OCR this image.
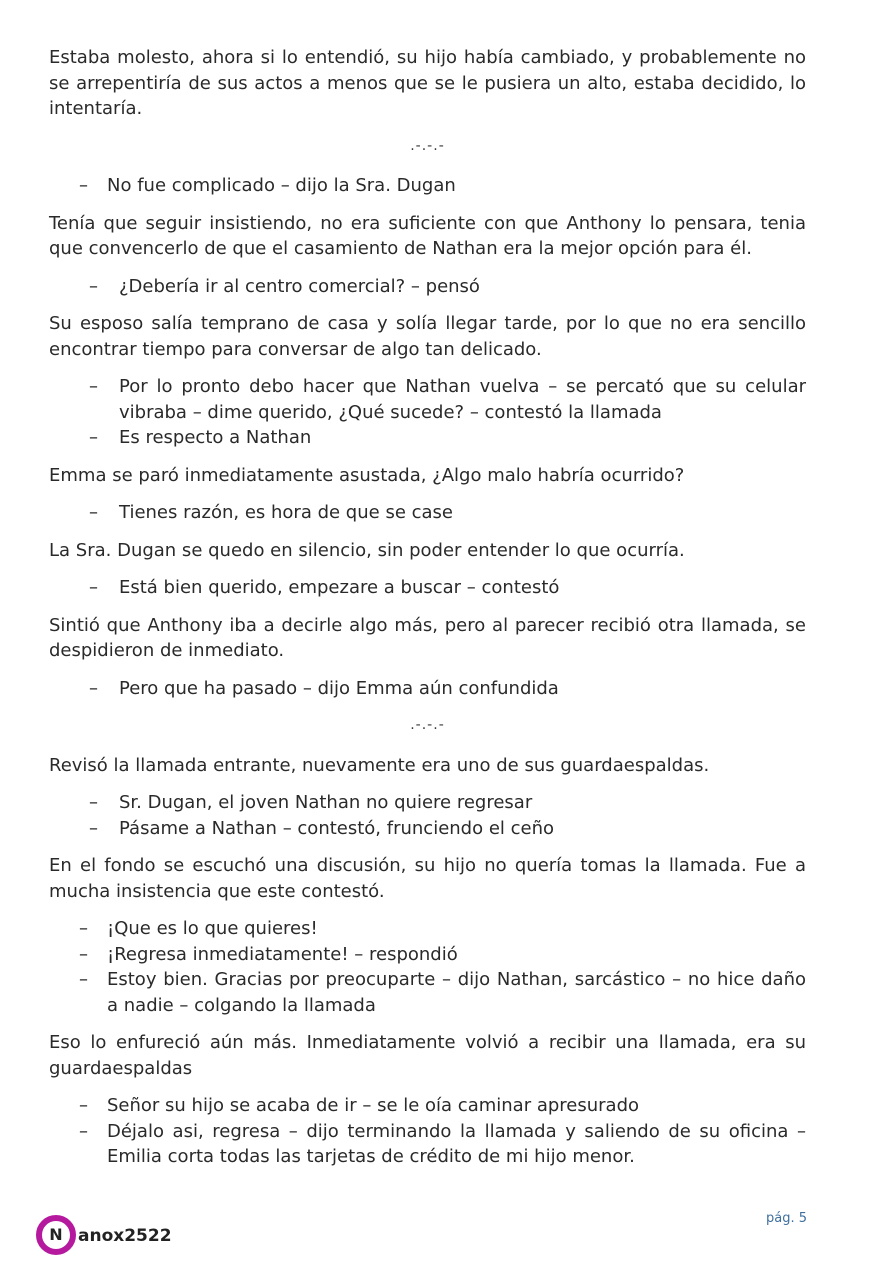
Estaba molesto, ahora si lo entendió, su hijo había cambiado, y probablemente no se arrepentiría de sus actos a menos que se le pusiera un alto, estaba decidido, lo intentaría.

.-.-.-
– No fue complicado – dijo la Sra. Dugan

Tenía que seguir insistiendo, no era suficiente con que Anthony lo pensara, tenia que convencerlo de que el casamiento de Nathan era la mejor opción para él.

– ¿Debería ir al centro comercial? – pensó

Su esposo salía temprano de casa y solía llegar tarde, por lo que no era sencillo encontrar tiempo para conversar de algo tan delicado.

– Por lo pronto debo hacer que Nathan vuelva – se percató que su celular vibraba – dime querido, ¿Qué sucede? – contestó la llamada
– Es respecto a Nathan

Emma se paró inmediatamente asustada, ¿Algo malo habría ocurrido?

– Tienes razón, es hora de que se case

La Sra. Dugan se quedo en silencio, sin poder entender lo que ocurría.

– Está bien querido, empezare a buscar – contestó

Sintió que Anthony iba a decirle algo más, pero al parecer recibió otra llamada, se despidieron de inmediato.

– Pero que ha pasado – dijo Emma aún confundida
.-.-.-

Revisó la llamada entrante, nuevamente era uno de sus guardaespaldas.

– Sr. Dugan, el joven Nathan no quiere regresar
– Pásame a Nathan – contestó, frunciendo el ceño

En el fondo se escuchó una discusión, su hijo no quería tomas la llamada. Fue a mucha insistencia que este contestó.

– ¡Que es lo que quieres!
– ¡Regresa inmediatamente! – respondió
– Estoy bien. Gracias por preocuparte – dijo Nathan, sarcástico – no hice daño a nadie – colgando la llamada

Eso lo enfureció aún más. Inmediatamente volvió a recibir una llamada, era su guardaespaldas

– Señor su hijo se acaba de ir – se le oía caminar apresurado
– Déjalo asi, regresa – dijo terminando la llamada y saliendo de su oficina – Emilia corta todas las tarjetas de crédito de mi hijo menor.
pág. 5
N anox2522
